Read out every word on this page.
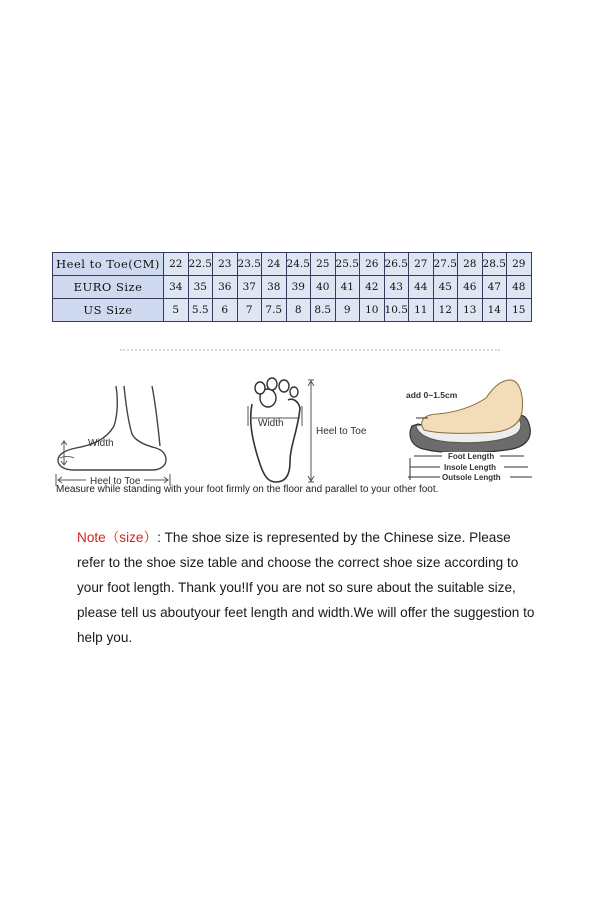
Heel to Toe(CM)	22	22.5	23	23.5	24	24.5	25	25.5	26	26.5	27	27.5	28	28.5	29
EURO Size	34	35	36	37	38	39	40	41	42	43	44	45	46	47	48
US Size	5	5.5	6	7	7.5	8	8.5	9	10	10.5	11	12	13	14	15
Width
Heel to Toe
Width
Heel to Toe
add 0~1.5cm
Foot Length
Insole Length
Outsole Length
Measure while standing with your foot firmly on the floor and parallel to your other foot.
Note（size）: The shoe size is represented by the Chinese size. Please refer to the shoe size table and choose the correct shoe size according to your foot length. Thank you!If you are not so sure about the suitable size, please tell us aboutyour feet length and width.We will offer the suggestion to help you.
